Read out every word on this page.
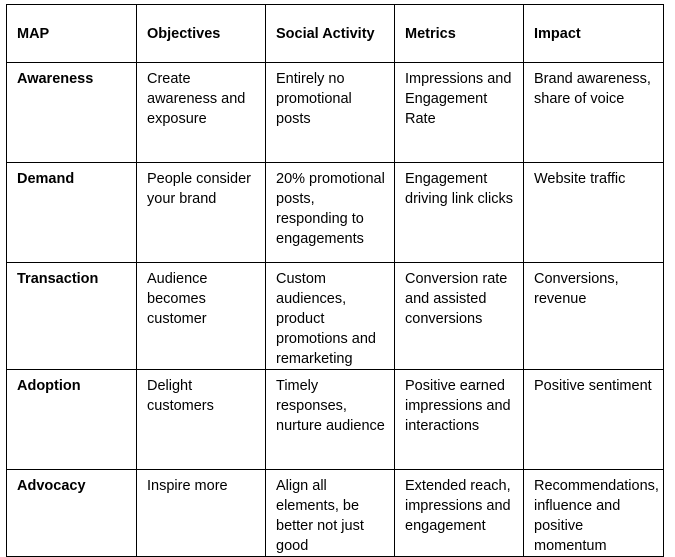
MAP	Objectives	Social Activity	Metrics	Impact
Awareness	Create awareness and exposure	Entirely no promotional posts	Impressions and Engagement Rate	Brand awareness, share of voice
Demand	People consider your brand	20% promotional posts, responding to engagements	Engagement driving link clicks	Website traffic
Transaction	Audience becomes customer	Custom audiences, product promotions and remarketing	Conversion rate and assisted conversions	Conversions, revenue
Adoption	Delight customers	Timely responses, nurture audience	Positive earned impressions and interactions	Positive sentiment
Advocacy	Inspire more	Align all elements, be better not just good	Extended reach, impressions and engagement	Recommendations, influence and positive momentum
